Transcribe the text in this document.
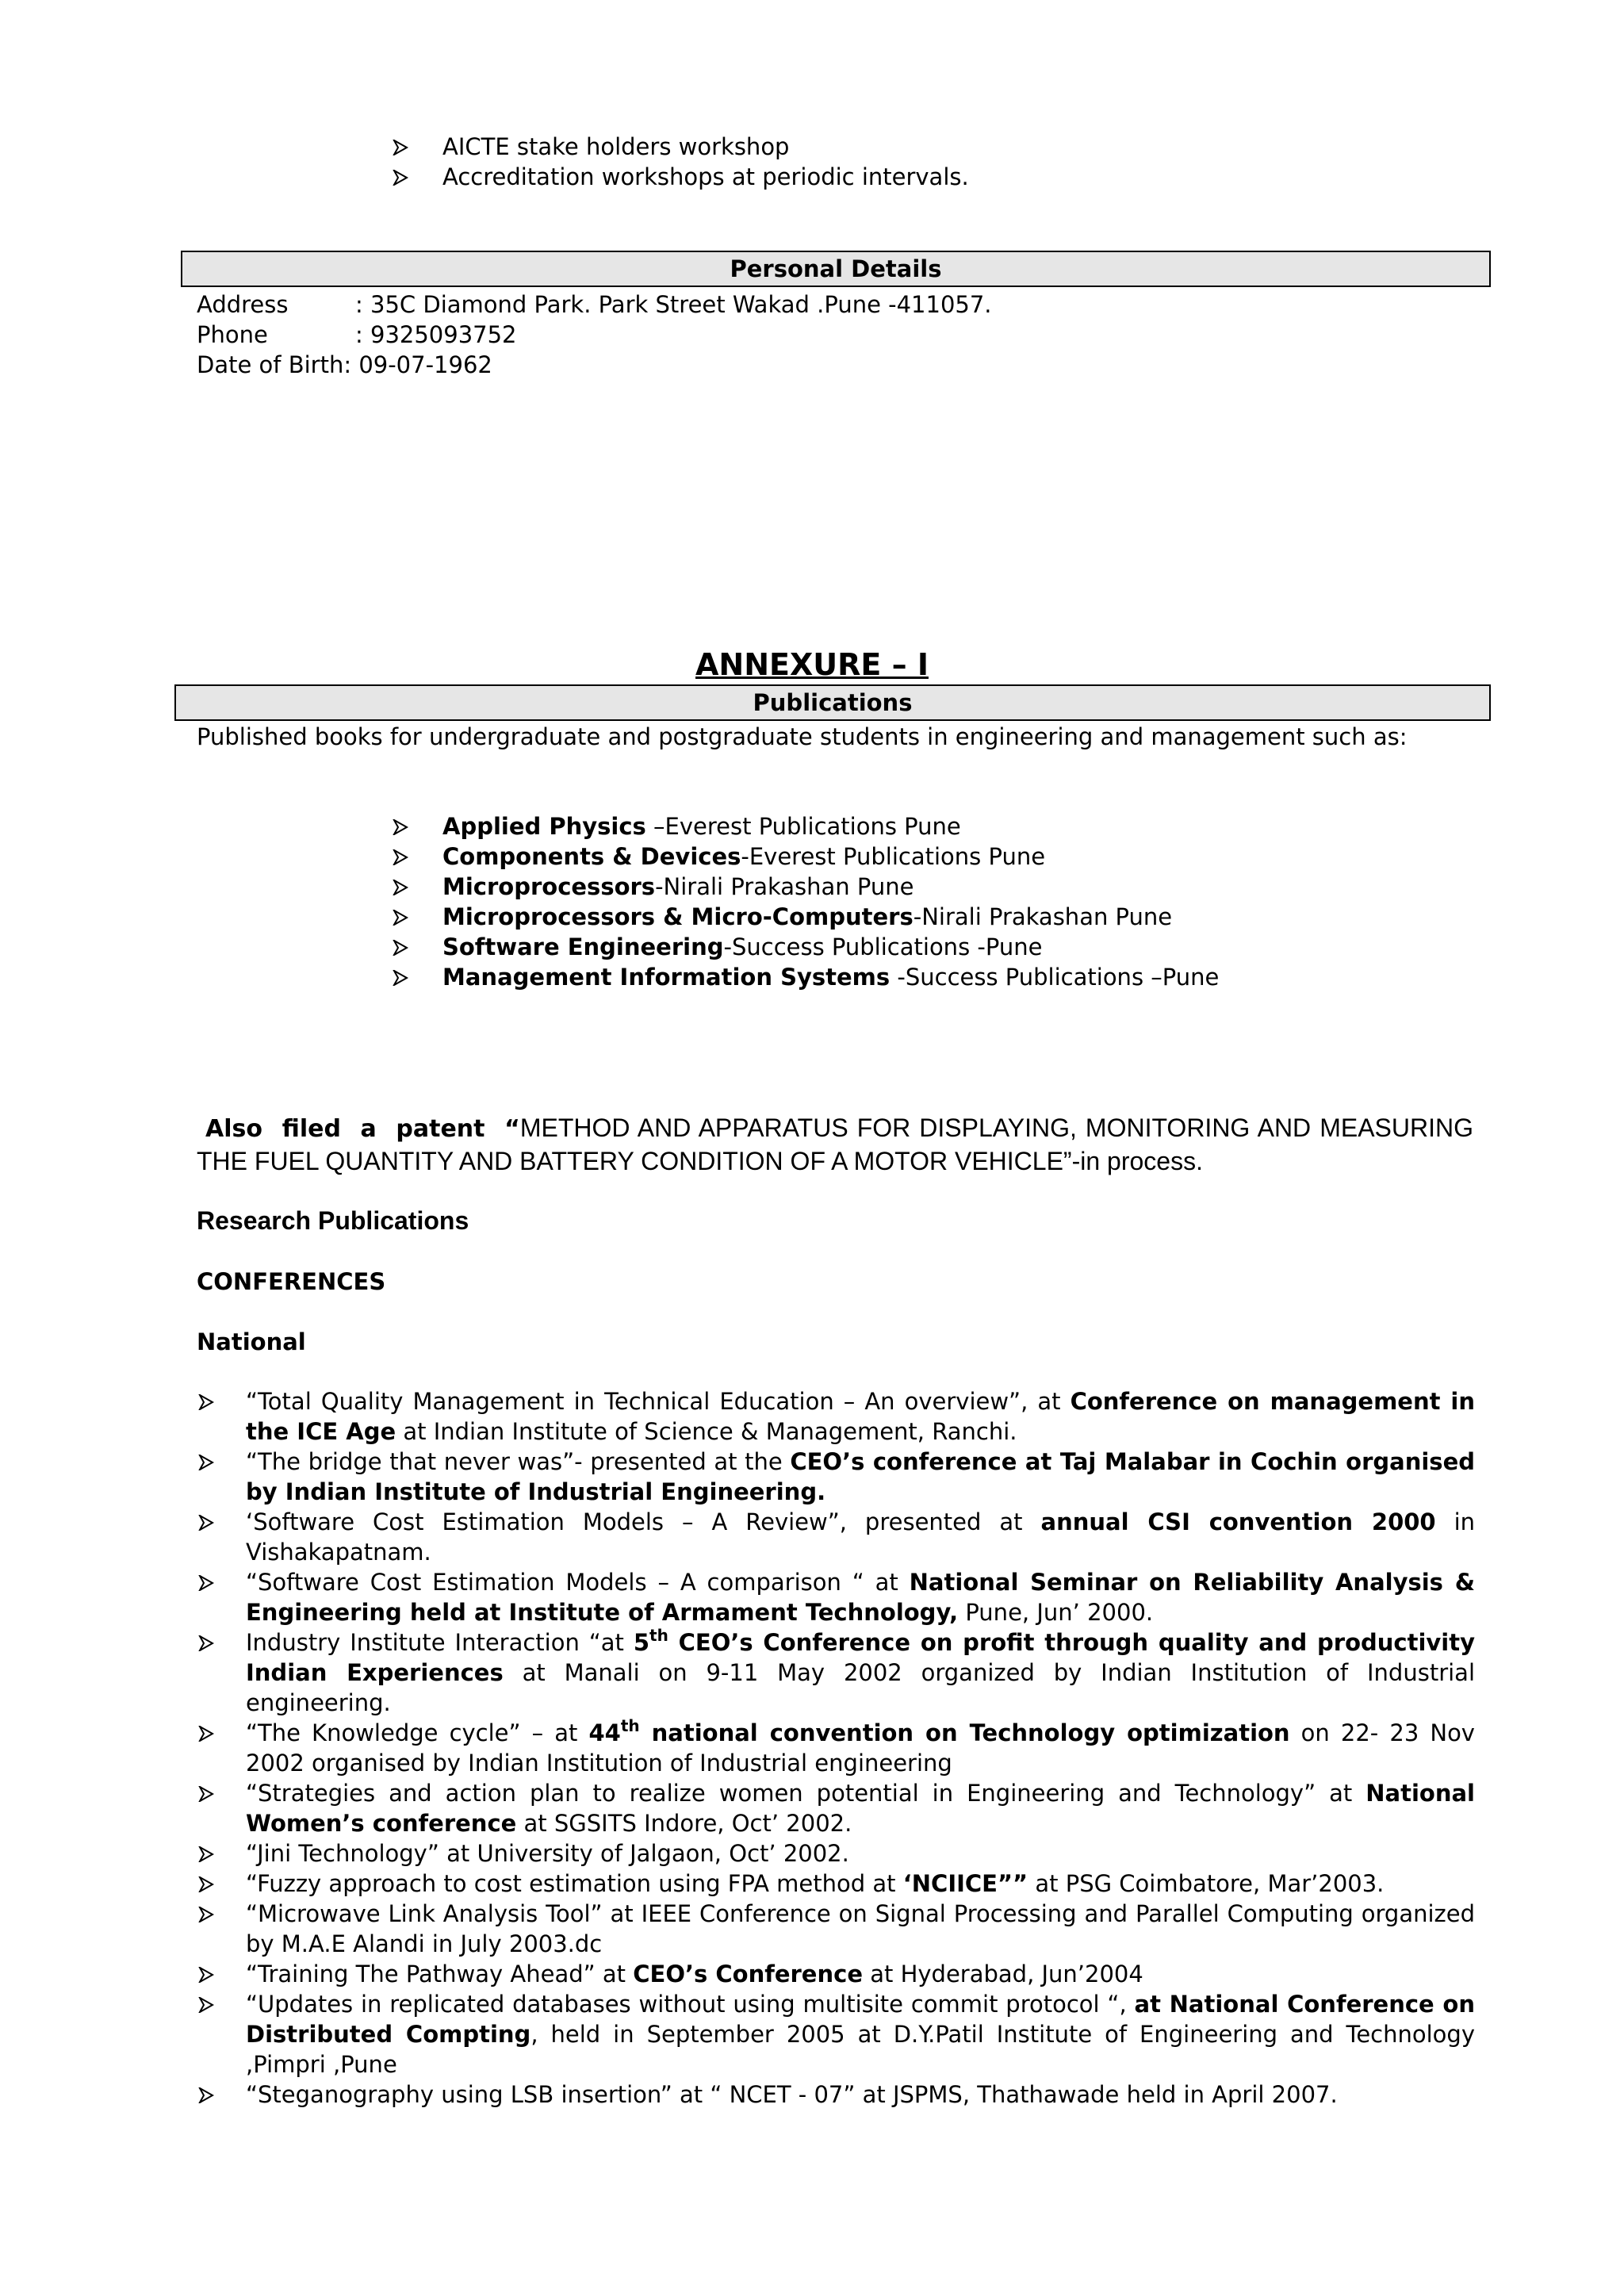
AICTE stake holders workshop
Accreditation workshops at periodic intervals.
Personal Details
Address	: 35C Diamond Park. Park Street Wakad .Pune -411057.
Phone	: 9325093752
Date of Birth: 09-07-1962
ANNEXURE – I
Publications
Published books for undergraduate and postgraduate students in engineering and management such as:
Applied Physics –Everest Publications Pune
Components & Devices-Everest Publications Pune
Microprocessors-Nirali Prakashan Pune
Microprocessors & Micro-Computers-Nirali Prakashan Pune
Software Engineering-Success Publications -Pune
Management Information Systems -Success Publications –Pune
Also filed a patent “METHOD AND APPARATUS FOR DISPLAYING, MONITORING AND MEASURING THE FUEL QUANTITY AND BATTERY CONDITION OF A MOTOR VEHICLE”-in process.
Research Publications
CONFERENCES
National
“Total Quality Management in Technical Education – An overview”, at Conference on management in the ICE Age at Indian Institute of Science & Management, Ranchi.
“The bridge that never was”- presented at the CEO’s conference at Taj Malabar in Cochin organised by Indian Institute of Industrial Engineering.
‘Software Cost Estimation Models – A Review”, presented at annual CSI convention 2000 in Vishakapatnam.
“Software Cost Estimation Models – A comparison “ at National Seminar on Reliability Analysis & Engineering held at Institute of Armament Technology, Pune, Jun’ 2000.
Industry Institute Interaction “at 5th CEO’s Conference on profit through quality and productivity Indian Experiences at Manali on 9-11 May 2002 organized by Indian Institution of Industrial engineering.
“The Knowledge cycle” – at 44th national convention on Technology optimization on 22- 23 Nov 2002 organised by Indian Institution of Industrial engineering
“Strategies and action plan to realize women potential in Engineering and Technology” at National Women’s conference at SGSITS Indore, Oct’ 2002.
“Jini Technology” at University of Jalgaon, Oct’ 2002.
“Fuzzy approach to cost estimation using FPA method at ‘NCIICE”” at PSG Coimbatore, Mar’2003.
“Microwave Link Analysis Tool” at IEEE Conference on Signal Processing and Parallel Computing organized by M.A.E Alandi in July 2003.dc
“Training The Pathway Ahead” at CEO’s Conference at Hyderabad, Jun’2004
“Updates in replicated databases without using multisite commit protocol “, at National Conference on Distributed Compting, held in September 2005 at D.Y.Patil Institute of Engineering and Technology ,Pimpri ,Pune
“Steganography using LSB insertion” at “ NCET - 07” at JSPMS, Thathawade held in April 2007.
